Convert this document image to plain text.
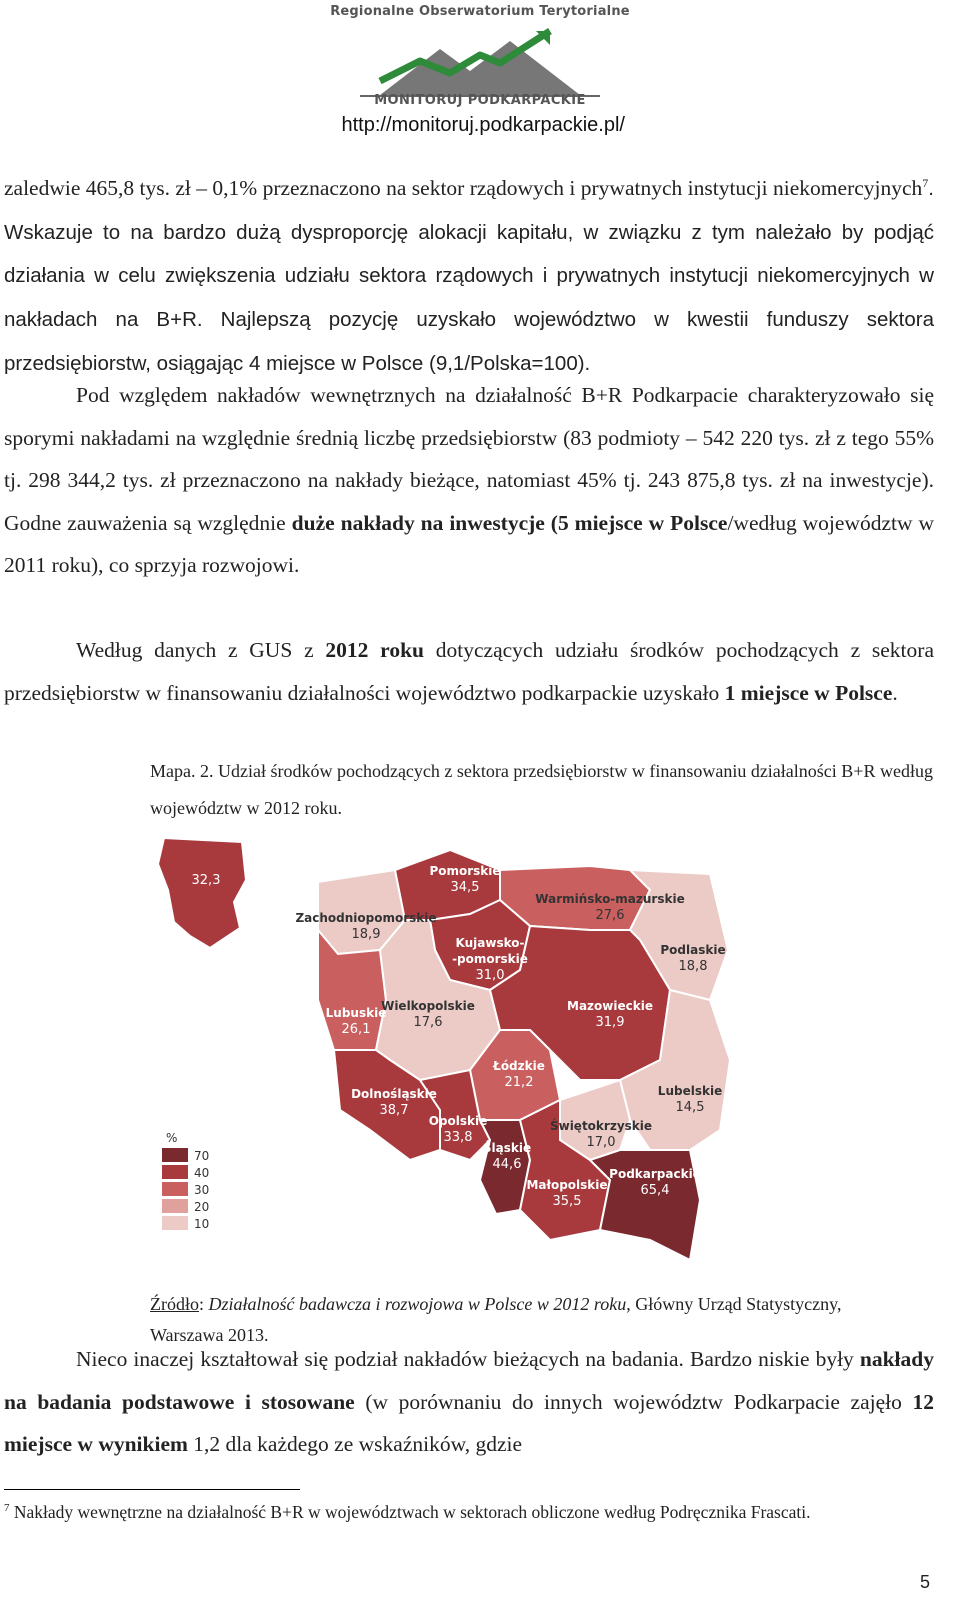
Regionalne Obserwatorium Terytorialne
MONITORUJ PODKARPACKIE
http://monitoruj.podkarpackie.pl/

zaledwie 465,8 tys. zł – 0,1% przeznaczono na sektor rządowych i prywatnych instytucji niekomercyjnych$^7$. Wskazuje to na bardzo dużą dysproporcję alokacji kapitału, w związku z tym należało by podjąć działania w celu zwiększenia udziału sektora rządowych i prywatnych instytucji niekomercyjnych w nakładach na B+R. Najlepszą pozycję uzyskało województwo w kwestii funduszy sektora przedsiębiorstw, osiągając 4 miejsce w Polsce (9,1/Polska=100).

Pod względem nakładów wewnętrznych na działalność B+R Podkarpacie charakteryzowało się sporymi nakładami na względnie średnią liczbę przedsiębiorstw (83 podmioty – 542 220 tys. zł z tego 55% tj. 298 344,2 tys. zł przeznaczono na nakłady bieżące, natomiast 45% tj. 243 875,8 tys. zł na inwestycje). Godne zauważenia są względnie duże nakłady na inwestycje (5 miejsce w Polsce/według województw w 2011 roku), co sprzyja rozwojowi.

Według danych z GUS z 2012 roku dotyczących udziału środków pochodzących z sektora przedsiębiorstw w finansowaniu działalności województwo podkarpackie uzyskało 1 miejsce w Polsce.

Mapa. 2. Udział środków pochodzących z sektora przedsiębiorstw w finansowaniu działalności B+R według województw w 2012 roku.

32,3
Pomorskie
34,5
Warmińsko-mazurskie
27,6
Zachodniopomorskie
18,9
Podlaskie
18,8
Kujawsko-
-pomorskie
31,0
Mazowieckie
31,9
Lubuskie
26,1
Wielkopolskie
17,6
Łódzkie
21,2
Lubelskie
14,5
Dolnośląskie
38,7
Opolskie
33,8
Świętokrzyskie
17,0
Śląskie
44,6
Małopolskie
35,5
Podkarpackie
65,4
%
70
40
30
20
10

Źródło: Działalność badawcza i rozwojowa w Polsce w 2012 roku, Główny Urząd Statystyczny, Warszawa 2013.

Nieco inaczej kształtował się podział nakładów bieżących na badania. Bardzo niskie były nakłady na badania podstawowe i stosowane (w porównaniu do innych województw Podkarpacie zajęło 12 miejsce w wynikiem 1,2 dla każdego ze wskaźników, gdzie

$^7$ Nakłady wewnętrzne na działalność B+R w województwach w sektorach obliczone według Podręcznika Frascati.
5
